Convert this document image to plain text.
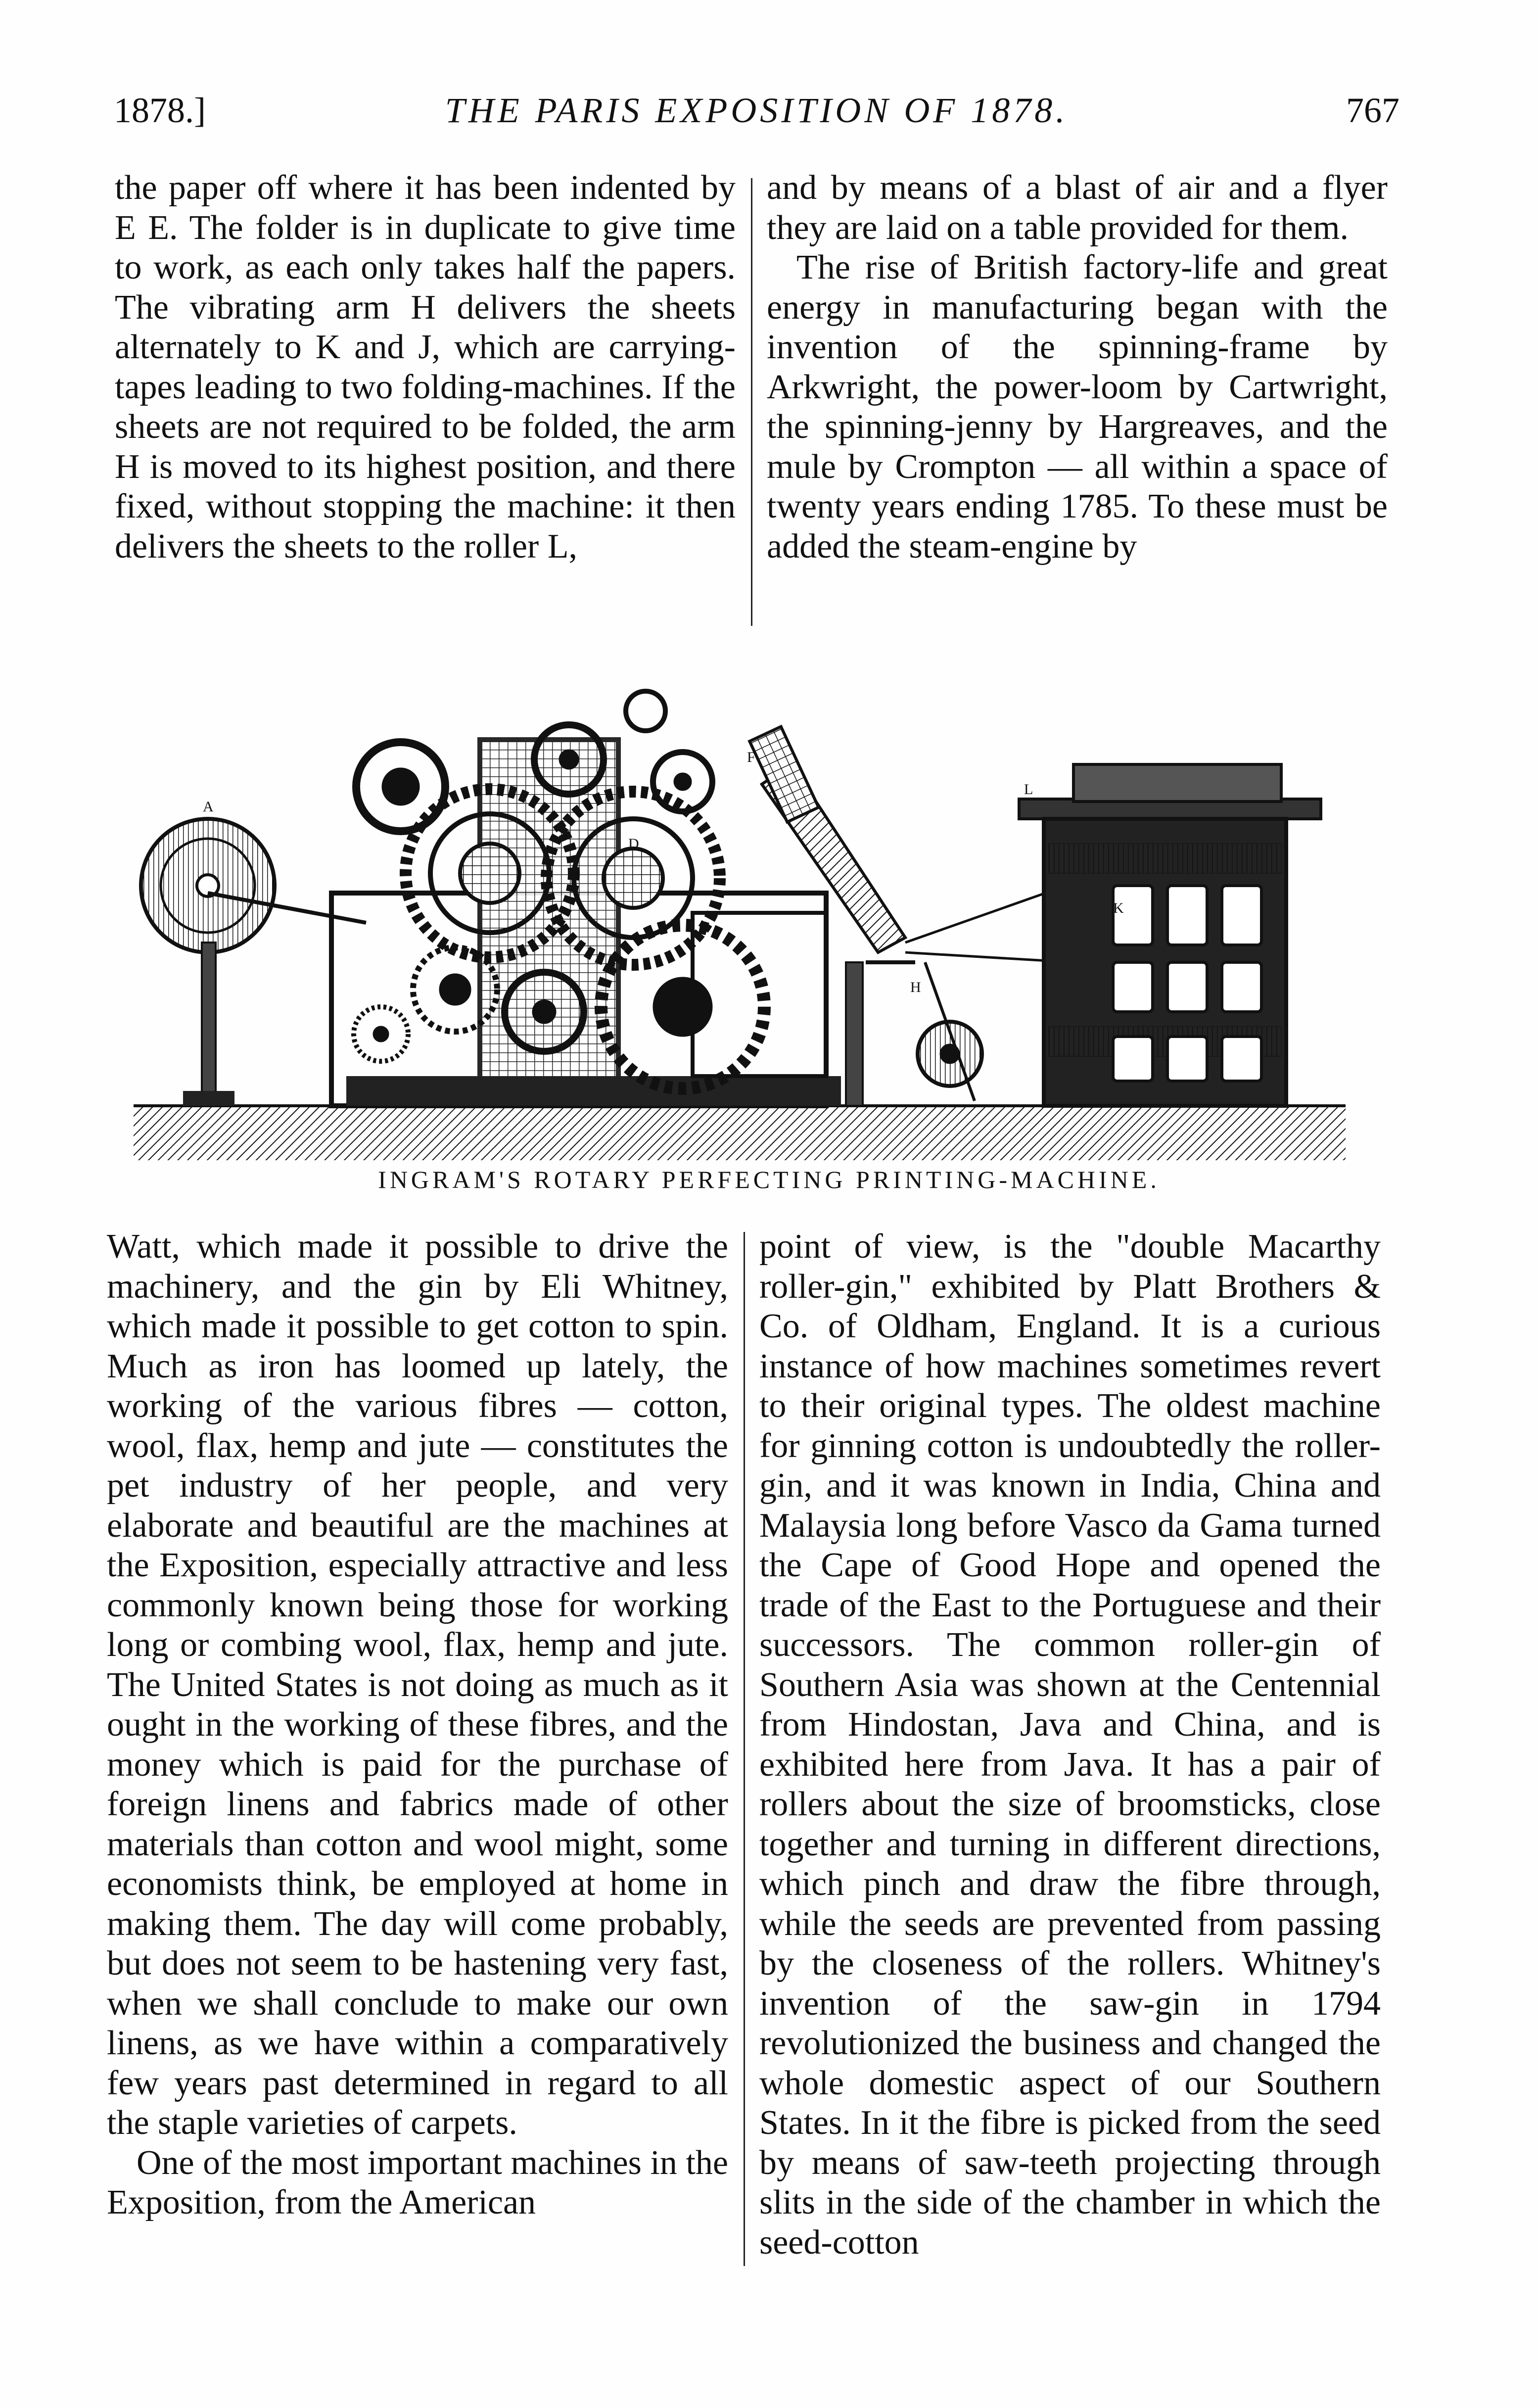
1878.]	THE PARIS EXPOSITION OF 1878.	767

the paper off where it has been indented by E E. The folder is in duplicate to give time to work, as each only takes half the papers. The vibrating arm H delivers the sheets alternately to K and J, which are carrying-tapes leading to two folding-machines. If the sheets are not required to be folded, the arm H is moved to its highest position, and there fixed, without stopping the machine: it then delivers the sheets to the roller L,

and by means of a blast of air and a flyer they are laid on a table provided for them.

The rise of British factory-life and great energy in manufacturing began with the invention of the spinning-frame by Arkwright, the power-loom by Cartwright, the spinning-jenny by Hargreaves, and the mule by Crompton — all within a space of twenty years ending 1785. To these must be added the steam-engine by

A
D
F
H
K
L
INGRAM'S ROTARY PERFECTING PRINTING-MACHINE.

Watt, which made it possible to drive the machinery, and the gin by Eli Whitney, which made it possible to get cotton to spin. Much as iron has loomed up lately, the working of the various fibres — cotton, wool, flax, hemp and jute — constitutes the pet industry of her people, and very elaborate and beautiful are the machines at the Exposition, especially attractive and less commonly known being those for working long or combing wool, flax, hemp and jute. The United States is not doing as much as it ought in the working of these fibres, and the money which is paid for the purchase of foreign linens and fabrics made of other materials than cotton and wool might, some economists think, be employed at home in making them. The day will come probably, but does not seem to be hastening very fast, when we shall conclude to make our own linens, as we have within a comparatively few years past determined in regard to all the staple varieties of carpets.

One of the most important machines in the Exposition, from the American

point of view, is the "double Macarthy roller-gin," exhibited by Platt Brothers & Co. of Oldham, England. It is a curious instance of how machines sometimes revert to their original types. The oldest machine for ginning cotton is undoubtedly the roller-gin, and it was known in India, China and Malaysia long before Vasco da Gama turned the Cape of Good Hope and opened the trade of the East to the Portuguese and their successors. The common roller-gin of Southern Asia was shown at the Centennial from Hindostan, Java and China, and is exhibited here from Java. It has a pair of rollers about the size of broomsticks, close together and turning in different directions, which pinch and draw the fibre through, while the seeds are prevented from passing by the closeness of the rollers. Whitney's invention of the saw-gin in 1794 revolutionized the business and changed the whole domestic aspect of our Southern States. In it the fibre is picked from the seed by means of saw-teeth projecting through slits in the side of the chamber in which the seed-cotton
